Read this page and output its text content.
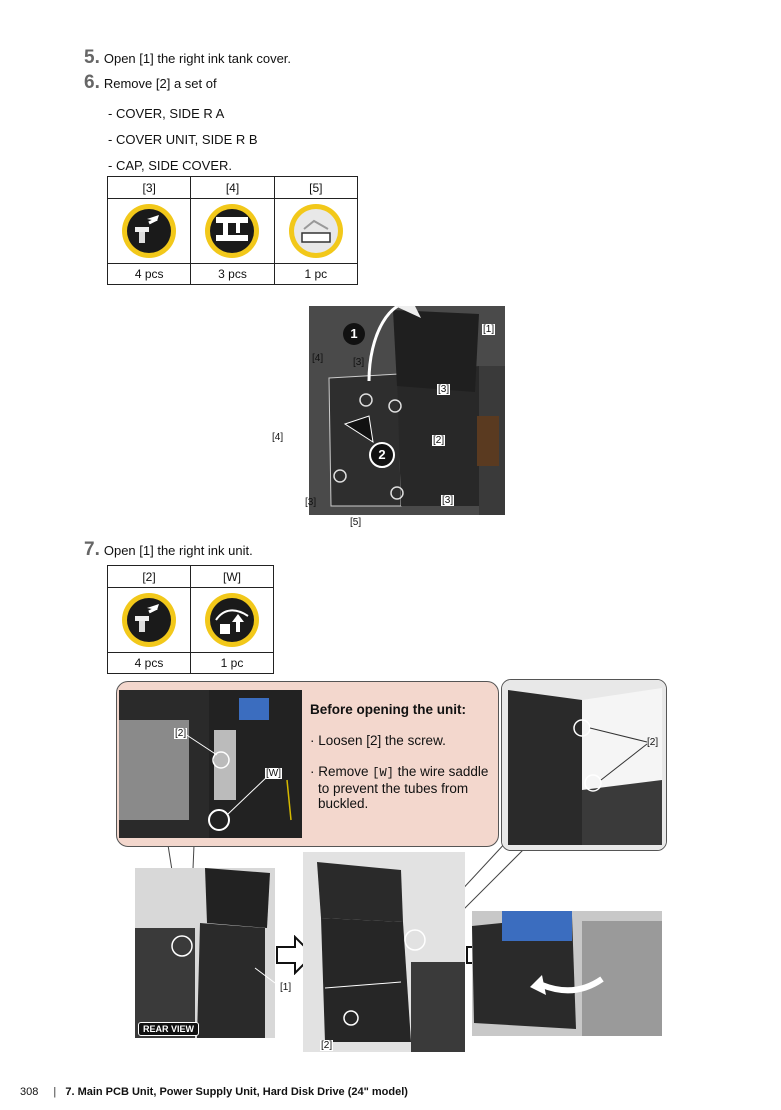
5. Open [1] the right ink tank cover.
6. Remove [2] a set of
- COVER, SIDE R A
- COVER UNIT, SIDE R B
- CAP, SIDE COVER.
[3]	[4]	[5]

4 pcs	3 pcs	1 pc
1
2
[1]
[4]	[3]
[3]
[4]	[2]
[3]
[3]
[5]
7. Open [1] the right ink unit.
[2]	[W]

4 pcs	1 pc
[2]
[W]
Before opening the unit:
· Loosen [2] the screw.
· Remove [W] the wire saddle
to prevent the tubes from
buckled.
[2]
REAR VIEW
[1]
[2]
308 | 7. Main PCB Unit, Power Supply Unit, Hard Disk Drive (24" model)
